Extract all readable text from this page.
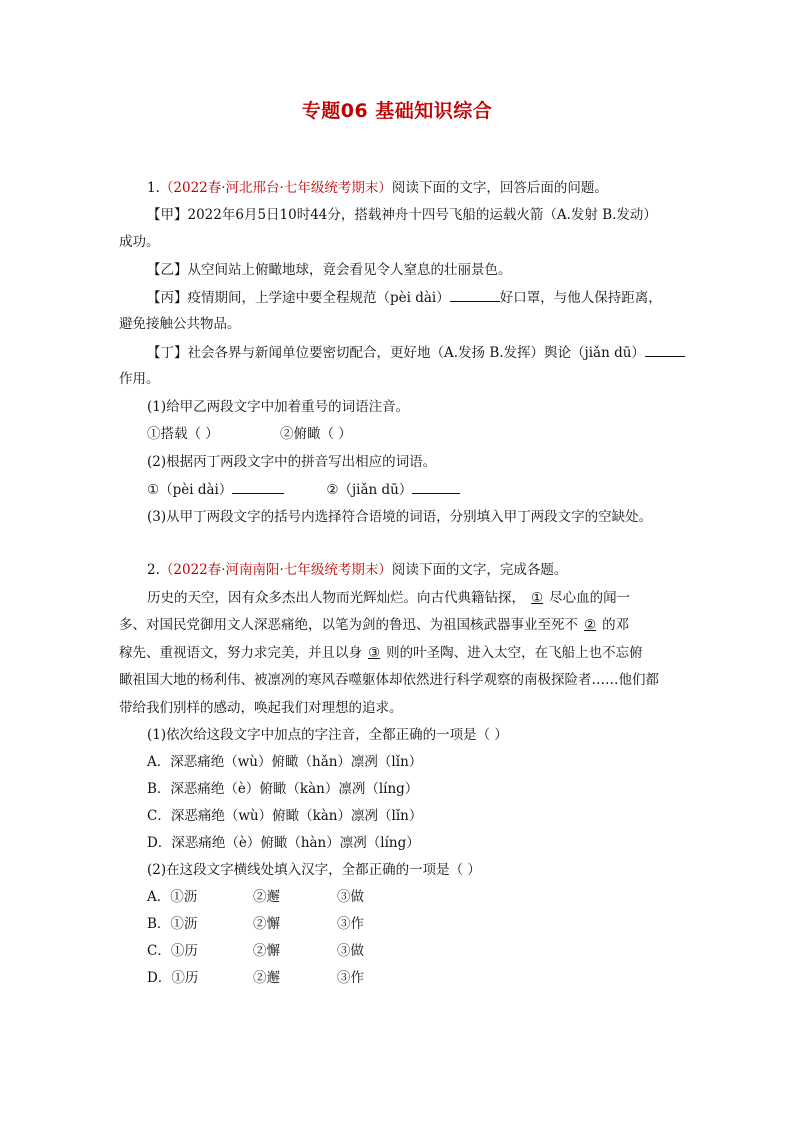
专题06 基础知识综合
1.（2022春·河北邢台·七年级统考期末）阅读下面的文字，回答后面的问题。
【甲】2022年6月5日10时44分，搭载神舟十四号飞船的运载火箭（A.发射 B.发动）
成功。
【乙】从空间站上俯瞰地球，竟会看见令人窒息的壮丽景色。
【丙】疫情期间，上学途中要全程规范（pèi dài）	好口罩，与他人保持距离，
避免接触公共物品。
【丁】社会各界与新闻单位要密切配合，更好地（A.发扬 B.发挥）舆论（jiǎn dū）
作用。
(1)给甲乙两段文字中加着重号的词语注音。
①搭载（ ）	②俯瞰（ ）
(2)根据丙丁两段文字中的拼音写出相应的词语。
①（pèi dài）	②（jiǎn dū）
(3)从甲丁两段文字的括号内选择符合语境的词语，分别填入甲丁两段文字的空缺处。
2.（2022春·河南南阳·七年级统考期末）阅读下面的文字，完成各题。
历史的天空，因有众多杰出人物而光辉灿烂。向古代典籍钻探， ① 尽心血的闻一
多、对国民党御用文人深恶痛绝，以笔为剑的鲁迅、为祖国核武器事业至死不 ② 的邓
稼先、重视语文，努力求完美，并且以身 ③ 则的叶圣陶、进入太空，在飞船上也不忘俯
瞰祖国大地的杨利伟、被凛冽的寒风吞噬躯体却依然进行科学观察的南极探险者……他们都
带给我们别样的感动，唤起我们对理想的追求。
(1)依次给这段文字中加点的字注音，全都正确的一项是（ ）
A．深恶痛绝（wù）俯瞰（hǎn）凛冽（lǐn）
B．深恶痛绝（è）俯瞰（kàn）凛冽（líng）
C．深恶痛绝（wù）俯瞰（kàn）凛冽（lǐn）
D．深恶痛绝（è）俯瞰（hàn）凛冽（líng）
(2)在这段文字横线处填入汉字，全都正确的一项是（ ）
A．①沥	②邂	③做
B．①沥	②懈	③作
C．①历	②懈	③做
D．①历	②邂	③作
